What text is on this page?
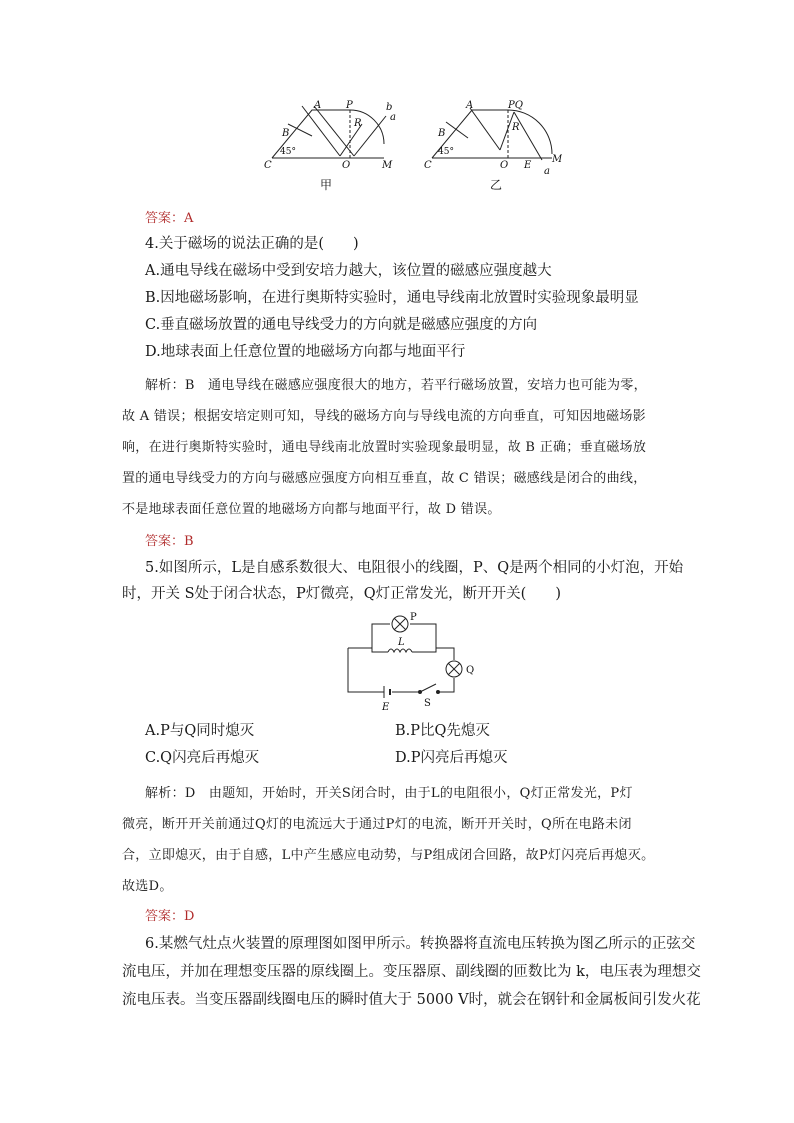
A P
B
R
C	O	M
a
b
45°
A	PQ
B
R
C	O E
M
a
45°
甲	乙
答案：A
4.关于磁场的说法正确的是(　　)
A.通电导线在磁场中受到安培力越大，该位置的磁感应强度越大
B.因地磁场影响，在进行奥斯特实验时，通电导线南北放置时实验现象最明显
C.垂直磁场放置的通电导线受力的方向就是磁感应强度的方向
D.地球表面上任意位置的地磁场方向都与地面平行
解析：B　通电导线在磁感应强度很大的地方，若平行磁场放置，安培力也可能为零，
故 A 错误；根据安培定则可知，导线的磁场方向与导线电流的方向垂直，可知因地磁场影
响，在进行奥斯特实验时，通电导线南北放置时实验现象最明显，故 B 正确；垂直磁场放
置的通电导线受力的方向与磁感应强度方向相互垂直，故 C 错误；磁感线是闭合的曲线，
不是地球表面任意位置的地磁场方向都与地面平行，故 D 错误。
答案：B
5.如图所示，L是自感系数很大、电阻很小的线圈，P、Q是两个相同的小灯泡，开始
时，开关 S处于闭合状态，P灯微亮，Q灯正常发光，断开开关(　　)
P
L
Q
E	S
A.P与Q同时熄灭	B.P比Q先熄灭
C.Q闪亮后再熄灭	D.P闪亮后再熄灭
解析：D　由题知，开始时，开关S闭合时，由于L的电阻很小，Q灯正常发光，P灯
微亮，断开开关前通过Q灯的电流远大于通过P灯的电流，断开开关时，Q所在电路未闭
合，立即熄灭，由于自感，L中产生感应电动势，与P组成闭合回路，故P灯闪亮后再熄灭。
故选D。
答案：D
6.某燃气灶点火装置的原理图如图甲所示。转换器将直流电压转换为图乙所示的正弦交
流电压，并加在理想变压器的原线圈上。变压器原、副线圈的匝数比为 k，电压表为理想交
流电压表。当变压器副线圈电压的瞬时值大于 5000 V时，就会在钢针和金属板间引发火花
